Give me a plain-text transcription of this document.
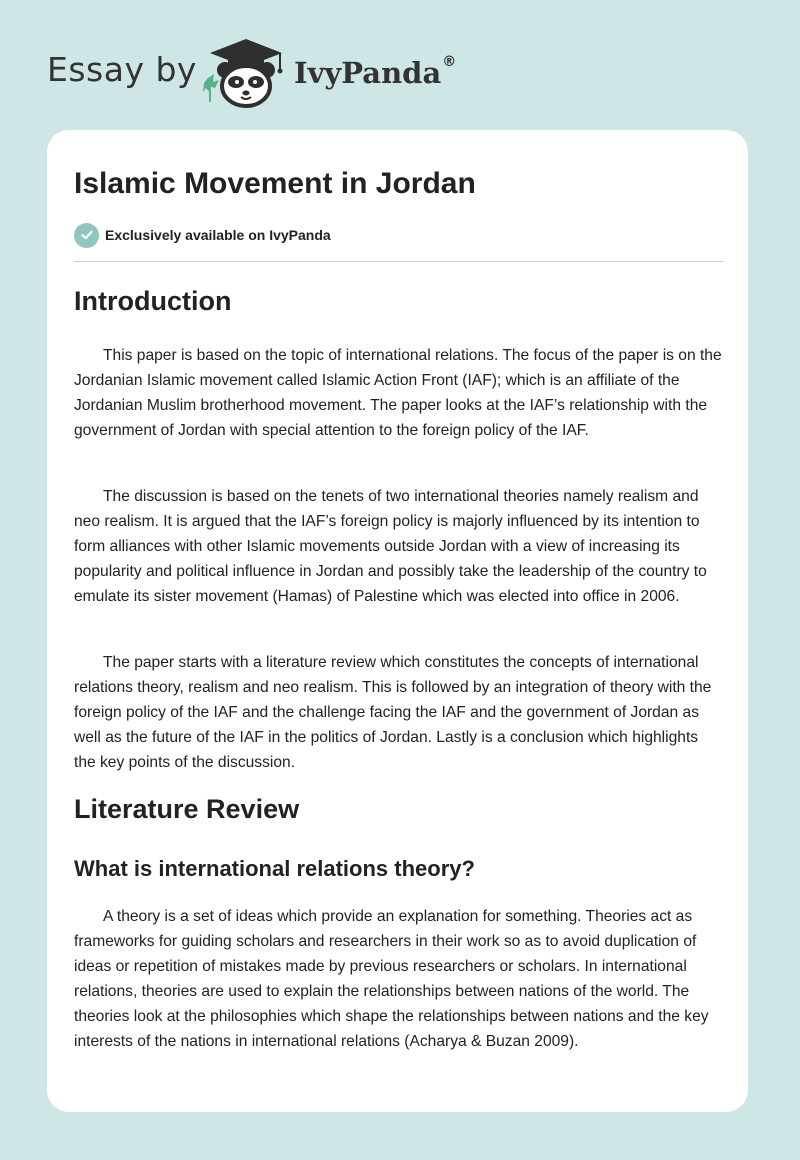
Essay by	IvyPanda®
Islamic Movement in Jordan
Exclusively available on IvyPanda
Introduction

This paper is based on the topic of international relations. The focus of the paper is on the Jordanian Islamic movement called Islamic Action Front (IAF); which is an affiliate of the Jordanian Muslim brotherhood movement. The paper looks at the IAF’s relationship with the government of Jordan with special attention to the foreign policy of the IAF.

The discussion is based on the tenets of two international theories namely realism and neo realism. It is argued that the IAF’s foreign policy is majorly influenced by its intention to form alliances with other Islamic movements outside Jordan with a view of increasing its popularity and political influence in Jordan and possibly take the leadership of the country to emulate its sister movement (Hamas) of Palestine which was elected into office in 2006.

The paper starts with a literature review which constitutes the concepts of international relations theory, realism and neo realism. This is followed by an integration of theory with the foreign policy of the IAF and the challenge facing the IAF and the government of Jordan as well as the future of the IAF in the politics of Jordan. Lastly is a conclusion which highlights the key points of the discussion.

Literature Review
What is international relations theory?

A theory is a set of ideas which provide an explanation for something. Theories act as frameworks for guiding scholars and researchers in their work so as to avoid duplication of ideas or repetition of mistakes made by previous researchers or scholars. In international relations, theories are used to explain the relationships between nations of the world. The theories look at the philosophies which shape the relationships between nations and the key interests of the nations in international relations (Acharya & Buzan 2009).
